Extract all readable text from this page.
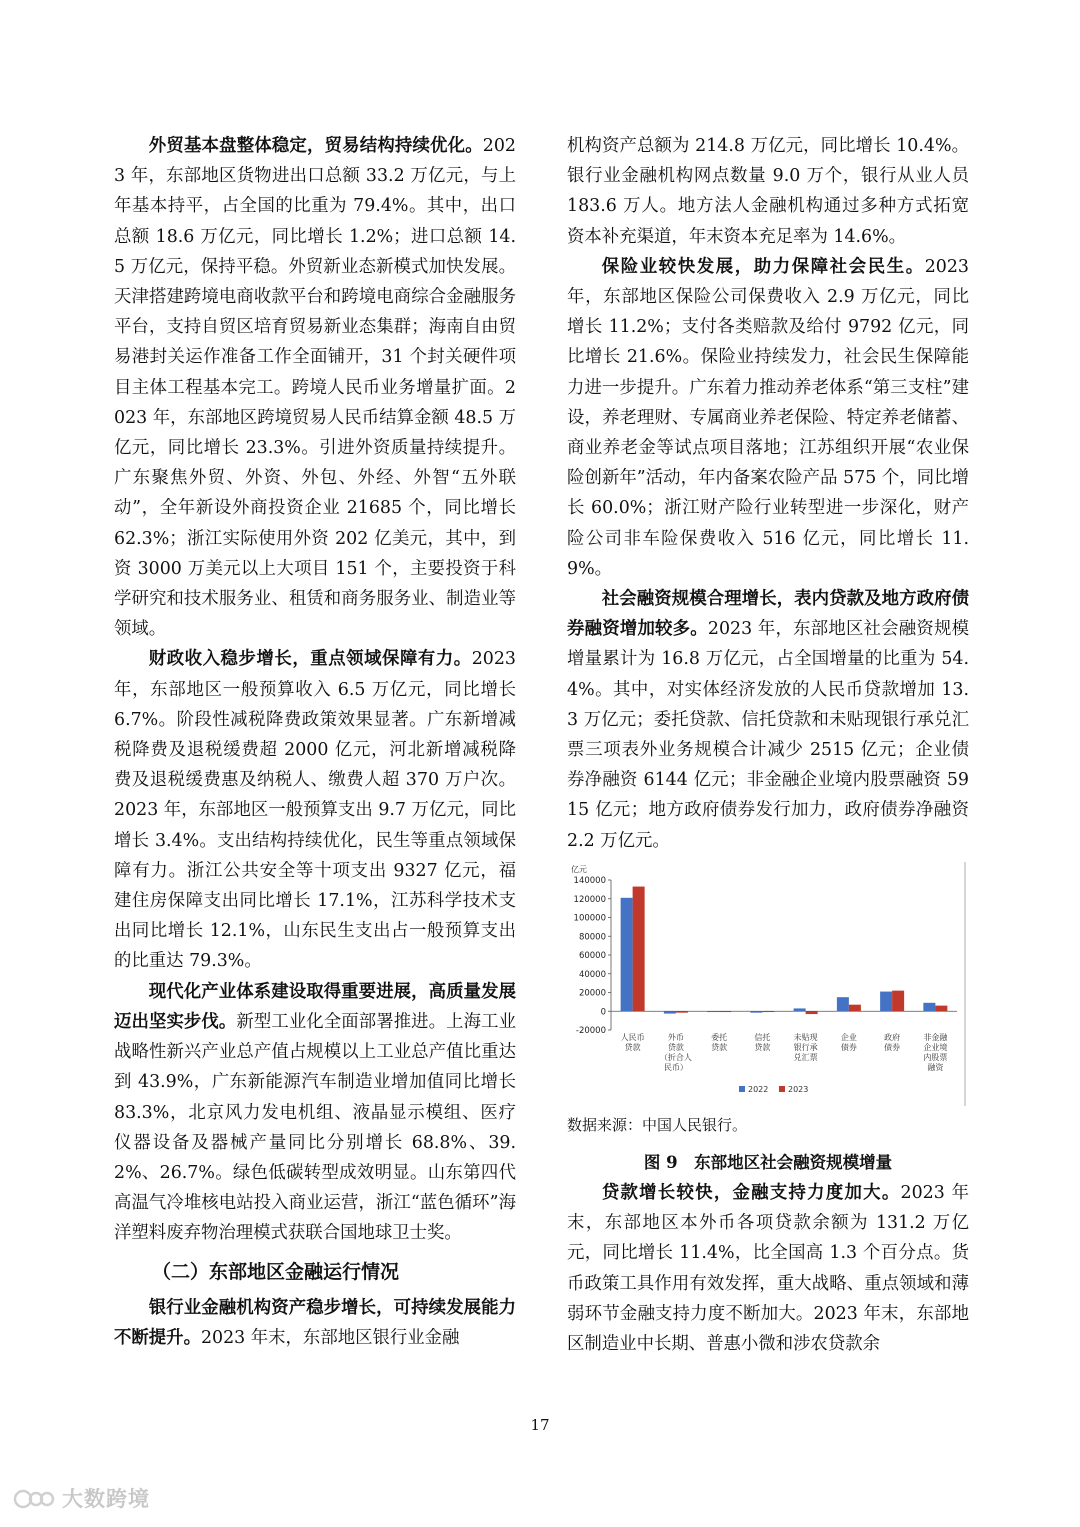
外贸基本盘整体稳定，贸易结构持续优化。2023 年，东部地区货物进出口总额 33.2 万亿元，与上年基本持平，占全国的比重为 79.4%。其中，出口总额 18.6 万亿元，同比增长 1.2%；进口总额 14.5 万亿元，保持平稳。外贸新业态新模式加快发展。天津搭建跨境电商收款平台和跨境电商综合金融服务平台，支持自贸区培育贸易新业态集群；海南自由贸易港封关运作准备工作全面铺开，31 个封关硬件项目主体工程基本完工。跨境人民币业务增量扩面。2023 年，东部地区跨境贸易人民币结算金额 48.5 万亿元，同比增长 23.3%。引进外资质量持续提升。广东聚焦外贸、外资、外包、外经、外智“五外联动”，全年新设外商投资企业 21685 个，同比增长 62.3%；浙江实际使用外资 202 亿美元，其中，到资 3000 万美元以上大项目 151 个，主要投资于科学研究和技术服务业、租赁和商务服务业、制造业等领域。

财政收入稳步增长，重点领域保障有力。2023 年，东部地区一般预算收入 6.5 万亿元，同比增长 6.7%。阶段性减税降费政策效果显著。广东新增减税降费及退税缓费超 2000 亿元，河北新增减税降费及退税缓费惠及纳税人、缴费人超 370 万户次。2023 年，东部地区一般预算支出 9.7 万亿元，同比增长 3.4%。支出结构持续优化，民生等重点领域保障有力。浙江公共安全等十项支出 9327 亿元，福建住房保障支出同比增长 17.1%，江苏科学技术支出同比增长 12.1%，山东民生支出占一般预算支出的比重达 79.3%。

现代化产业体系建设取得重要进展，高质量发展迈出坚实步伐。新型工业化全面部署推进。上海工业战略性新兴产业总产值占规模以上工业总产值比重达到 43.9%，广东新能源汽车制造业增加值同比增长 83.3%，北京风力发电机组、液晶显示模组、医疗仪器设备及器械产量同比分别增长 68.8%、39.2%、26.7%。绿色低碳转型成效明显。山东第四代高温气冷堆核电站投入商业运营，浙江“蓝色循环”海洋塑料废弃物治理模式获联合国地球卫士奖。

（二）东部地区金融运行情况

银行业金融机构资产稳步增长，可持续发展能力不断提升。2023 年末，东部地区银行业金融

机构资产总额为 214.8 万亿元，同比增长 10.4%。银行业金融机构网点数量 9.0 万个，银行从业人员 183.6 万人。地方法人金融机构通过多种方式拓宽资本补充渠道，年末资本充足率为 14.6%。

保险业较快发展，助力保障社会民生。2023 年，东部地区保险公司保费收入 2.9 万亿元，同比增长 11.2%；支付各类赔款及给付 9792 亿元，同比增长 21.6%。保险业持续发力，社会民生保障能力进一步提升。广东着力推动养老体系“第三支柱”建设，养老理财、专属商业养老保险、特定养老储蓄、商业养老金等试点项目落地；江苏组织开展“农业保险创新年”活动，年内备案农险产品 575 个，同比增长 60.0%；浙江财产险行业转型进一步深化，财产险公司非车险保费收入 516 亿元，同比增长 11.9%。

社会融资规模合理增长，表内贷款及地方政府债券融资增加较多。2023 年，东部地区社会融资规模增量累计为 16.8 万亿元，占全国增量的比重为 54.4%。其中，对实体经济发放的人民币贷款增加 13.3 万亿元；委托贷款、信托贷款和未贴现银行承兑汇票三项表外业务规模合计减少 2515 亿元；企业债券净融资 6144 亿元；非金融企业境内股票融资 5915 亿元；地方政府债券发行加力，政府债券净融资 2.2 万亿元。

亿元
-20000
0
20000
40000
60000
80000
100000
120000
140000
人民币
贷款
外币
贷款
（折合人
民币）
委托
贷款
信托
贷款
未贴现
银行承
兑汇票
企业
债券
政府
债券
非金融
企业境
内股票
融资
2022 2023

数据来源：中国人民银行。

图 9　东部地区社会融资规模增量

贷款增长较快，金融支持力度加大。2023 年末，东部地区本外币各项贷款余额为 131.2 万亿元，同比增长 11.4%，比全国高 1.3 个百分点。货币政策工具作用有效发挥，重大战略、重点领域和薄弱环节金融支持力度不断加大。2023 年末，东部地区制造业中长期、普惠小微和涉农贷款余

17
大数跨境
